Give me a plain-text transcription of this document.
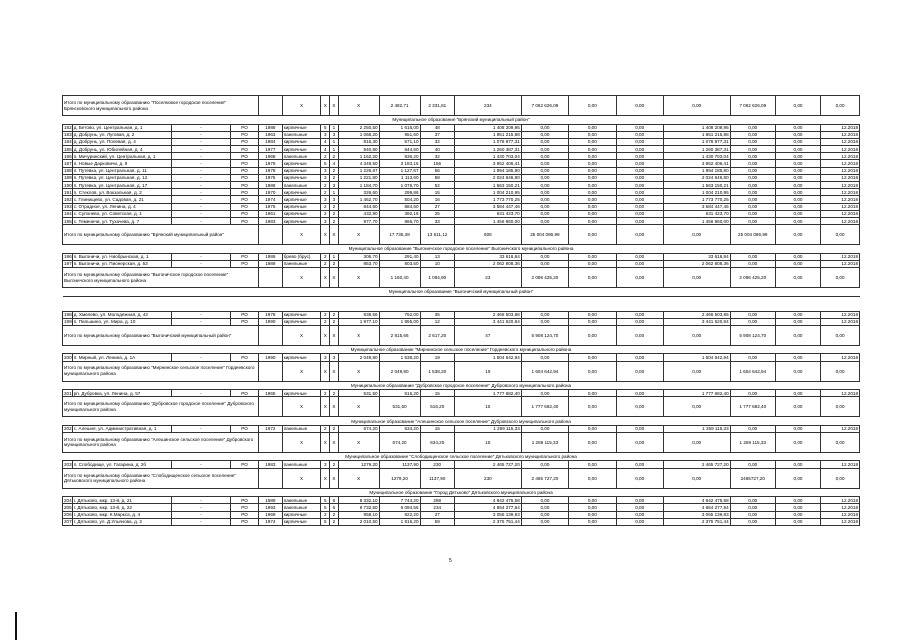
Итого по муниципальному образованию "Поселковое городское поселение" Брянсковского муниципального района					X	X	X	X	2 482,71	2 331,81	234	7 062 626,09	0,00	0,00	0,00	7 062 626,09	0,00	0,00
Муниципальное образование "Брянский муниципальный район"																		
182	д. Бетово, ул. Центральная, д. 1	-	РО	1988	кирпичные	5	1	2 250,50	1 616,00	48	1 408 209,95	0,00	0,00	0,00	1 408 209,95	0,00	0,00	12.2018
183	д. Добрунь, ул. Луговая, д. 2	-	РО	1963	панельные	3	3	1 068,20	951,60	37	1 851 215,88	0,00	0,00	0,00	1 851 215,88	0,00	0,00	12.2018
184	д. Добрунь, ул. Полевая, д. 4	-	РО	1984	кирпичные	4	1	816,30	571,10	32	1 078 877,31	0,00	0,00	0,00	1 078 877,31	0,00	0,00	12.2018
185	д. Добрунь, ул. Юбилейная, д. 4	-	РО	1977	кирпичные	4	1	940,80	844,60	40	1 260 387,31	0,00	0,00	0,00	1 260 387,31	0,00	0,00	12.2018
186	п. Мичуринский, ул. Центральная, д. 1	-	РО	1968	панельные	2	2	1 162,20	836,20	32	1 430 703,04	0,00	0,00	0,00	1 430 703,04	0,00	0,00	12.2018
187	п. Новые Дарковичи, д. 9	-	РО	1979	кирпичные	5	4	4 349,50	3 183,16	156	3 852 406,41	0,00	0,00	0,00	3 852 406,41	0,00	0,00	12.2018
188	п. Путевка, ул. Центральная, д. 11	-	РО	1978	кирпичные	3	2	1 226,67	1 127,67	56	1 994 185,80	0,00	0,00	0,00	1 994 185,80	0,00	0,00	12.2018
189	п. Путевка, ул. Центральная, д. 12	-	РО	1976	кирпичные	3	2	1 221,80	1 113,60	58	2 024 646,80	0,00	0,00	0,00	2 024 646,80	0,00	0,00	12.2018
190	п. Путевка, ул. Центральная, д. 17	-	РО	1988	панельные	2	3	1 184,70	1 076,70	52	1 563 150,21	0,00	0,00	0,00	1 563 150,21	0,00	0,00	12.2018
191	п. Стеклов, ул. Вокзальная, д. 2	-	РО	1970	кирпичные	2	1	326,60	299,86	15	1 004 210,95	0,00	0,00	0,00	1 004 210,95	0,00	0,00	12.2018
192	с. Глинищево, ул. Садовая, д. 21	-	РО	1974	кирпичные	3	3	1 462,70	504,20	16	1 773 770,25	0,00	0,00	0,00	1 773 770,25	0,00	0,00	12.2018
193	с. Отрадное, ул. Ленина, д. 4	-	РО	1975	кирпичные	2	2	844,60	684,60	27	3 584 447,46	0,00	0,00	0,00	3 584 447,46	0,00	0,00	12.2018
194	с. Супоневo, ул. Советская, д. 1	-	РО	1961	кирпичные	2	2	432,90	392,16	25	631 423,70	0,00	0,00	0,00	631 423,70	0,00	0,00	12.2018
195	с. Теменичи, ул. Тухачева, д. 7	-	РО	1983	кирпичные	3	2	977,70	866,70	33	1 456 860,00	0,00	0,00	0,00	1 456 860,00	0,00	0,00	12.2018
Итого по муниципальному образованию "Брянский муниципальный район"					X	X	X	X	17 735,38	13 611,12	606	25 004 086,99	0,00	0,00	0,00	25 004 086,99	0,00	0,00
Муниципальное образование "Выгоничское городское поселение" Выгоничского муниципального района																		
196	п. Выгоничи, ул. Ниобрынская, д. 1	-	РО	1986	брево (брус)	2	1	306,70	291,40	13	33 616,84	0,00	0,00	0,00	33 616,84	0,00	0,00	12.2018
197	п. Выгоничи, ул. Пионерская, д. 53	-	РО	1989	панельные	2	2	853,70	803,50	10	2 062 808,36	0,00	0,00	0,00	2 062 808,36	0,00	0,00	12.2018
Итого по муниципальному образованию "Выгоничское городское поселение" Выгоничского муниципального района					X	X	X	X	1 160,40	1 094,90	23	2 096 425,20	0,00	0,00	0,00	2 096 425,20	0,00	0,00
Муниципальное образование "Выгоничский муниципальный район"																		

198	д. Хмелево, ул. Молодежная, д. 42	-	РО	1978	кирпичные	2	2	838,56	762,00	35	2 466 503,86	0,00	0,00	0,00	2 466 503,86	0,00	0,00	12.2018
199	п. Пильшино, ул. Мира, д. 10	-	РО	1990	кирпичные	2	2	1 977,10	1 955,00	12	3 441 620,84	0,00	0,00	0,00	3 441 620,84	0,00	0,00	12.2018
Итого по муниципальному образованию "Выгоничский муниципальный район"					X	X	X	X	2 815,66	2 617,20	47	5 908 124,70	0,00	0,00	0,00	5 908 124,70	0,00	0,00
Муниципальное образование "Мирнинское сельское поселение" Гордеевского муниципального района																		
200	п. Мирный, ул. Ленина, д. 1А	-	РО	1990	кирпичные	3	3	2 049,80	1 538,20	19	1 604 642,94	0,00	0,00	0,00	1 604 642,94	0,00	0,00	12.2018
Итого по муниципальному образованию "Мирнинское сельское поселение" Гордеевского муниципального района					X	X	X	X	2 049,80	1 538,20	19	1 604 642,94	0,00	0,00	0,00	1 604 642,94	0,00	0,00
Муниципальное образование "Дубровское городское поселение" Дубровского муниципального района																		
201	рп. Дубровка, ул. Ленина, д. 57	-	РО	1965	кирпичные	2	2	531,50	516,20	15	1 777 682,40	0,00	0,00	0,00	1 777 682,40	0,00	0,00	12.2018
Итого по муниципальному образованию "Дубровское городское поселение" Дубровского муниципального района					X	X	X	X	531,50	516,20	15	1 777 682,40	0,00	0,00	0,00	1 777 682,40	0,00	0,00
Муниципальное образование "Алешинское сельское поселение" Дубровского муниципального района																		
202	с. Алешня, ул. Административная, д. 1	-	РО	1972	панельные	2	2	674,20	634,20	15	1 269 115,33	0,00	0,00	0,00	1 269 115,33	0,00	0,00	12.2018
Итого по муниципальному образованию "Алешинское сельское поселение" Дубровского муниципального района					X	X	X	X	674,20	634,20	15	1 269 115,33	0,00	0,00	0,00	1 269 115,33	0,00	0,00
Муниципальное образование "Слободищенское сельское поселение" Дятьковского муниципального района																		
203	п. Слободище, ул. Гагарина, д. 2б	-	РО	1983	панельные	3	2	1279,20	1137,90	230	2 465 727,20	0,00	0,00	0,00	2 465 727,20	0,00	0,00	12.2018
Итого по муниципальному образованию "Слободищенское сельское поселение" Дятьковского муниципального района					X	X	X	X	1279,20	1137,90	230	2 465 727,20	0,00	0,00	0,00	2465727,20	0,00	0,00
Муниципальное образование "Город Дятьково" Дятьковского муниципального района																		
204	г. Дятьково, мкр. 13-й, д. 21	-	РО	1989	панельные	5	6	8 332,10	7 744,20	288	4 842 475,58	0,00	0,00	0,00	4 842 475,58	0,00	0,00	12.2018
205	г. Дятьково, мкр. 13-й, д. 22	-	РО	1993	панельные	5	6	6 732,50	6 094,56	234	4 864 277,84	0,00	0,00	0,00	4 864 277,84	0,00	0,00	12.2018
206	г. Дятьково, мкр. К.Маркса, д. 4	-	РО	1969	кирпичные	2	2	958,10	922,20	27	3 055 139,83	0,00	0,00	0,00	3 055 139,83	0,00	0,00	12.2018
207	г. Дятьково, ул. Д.Ульянова, д. 2	-	РО	1974	кирпичные	5	2	2 010,50	1 816,20	59	2 375 751,44	0,00	0,00	0,00	2 375 751,44	0,00	0,00	12.2018
5
